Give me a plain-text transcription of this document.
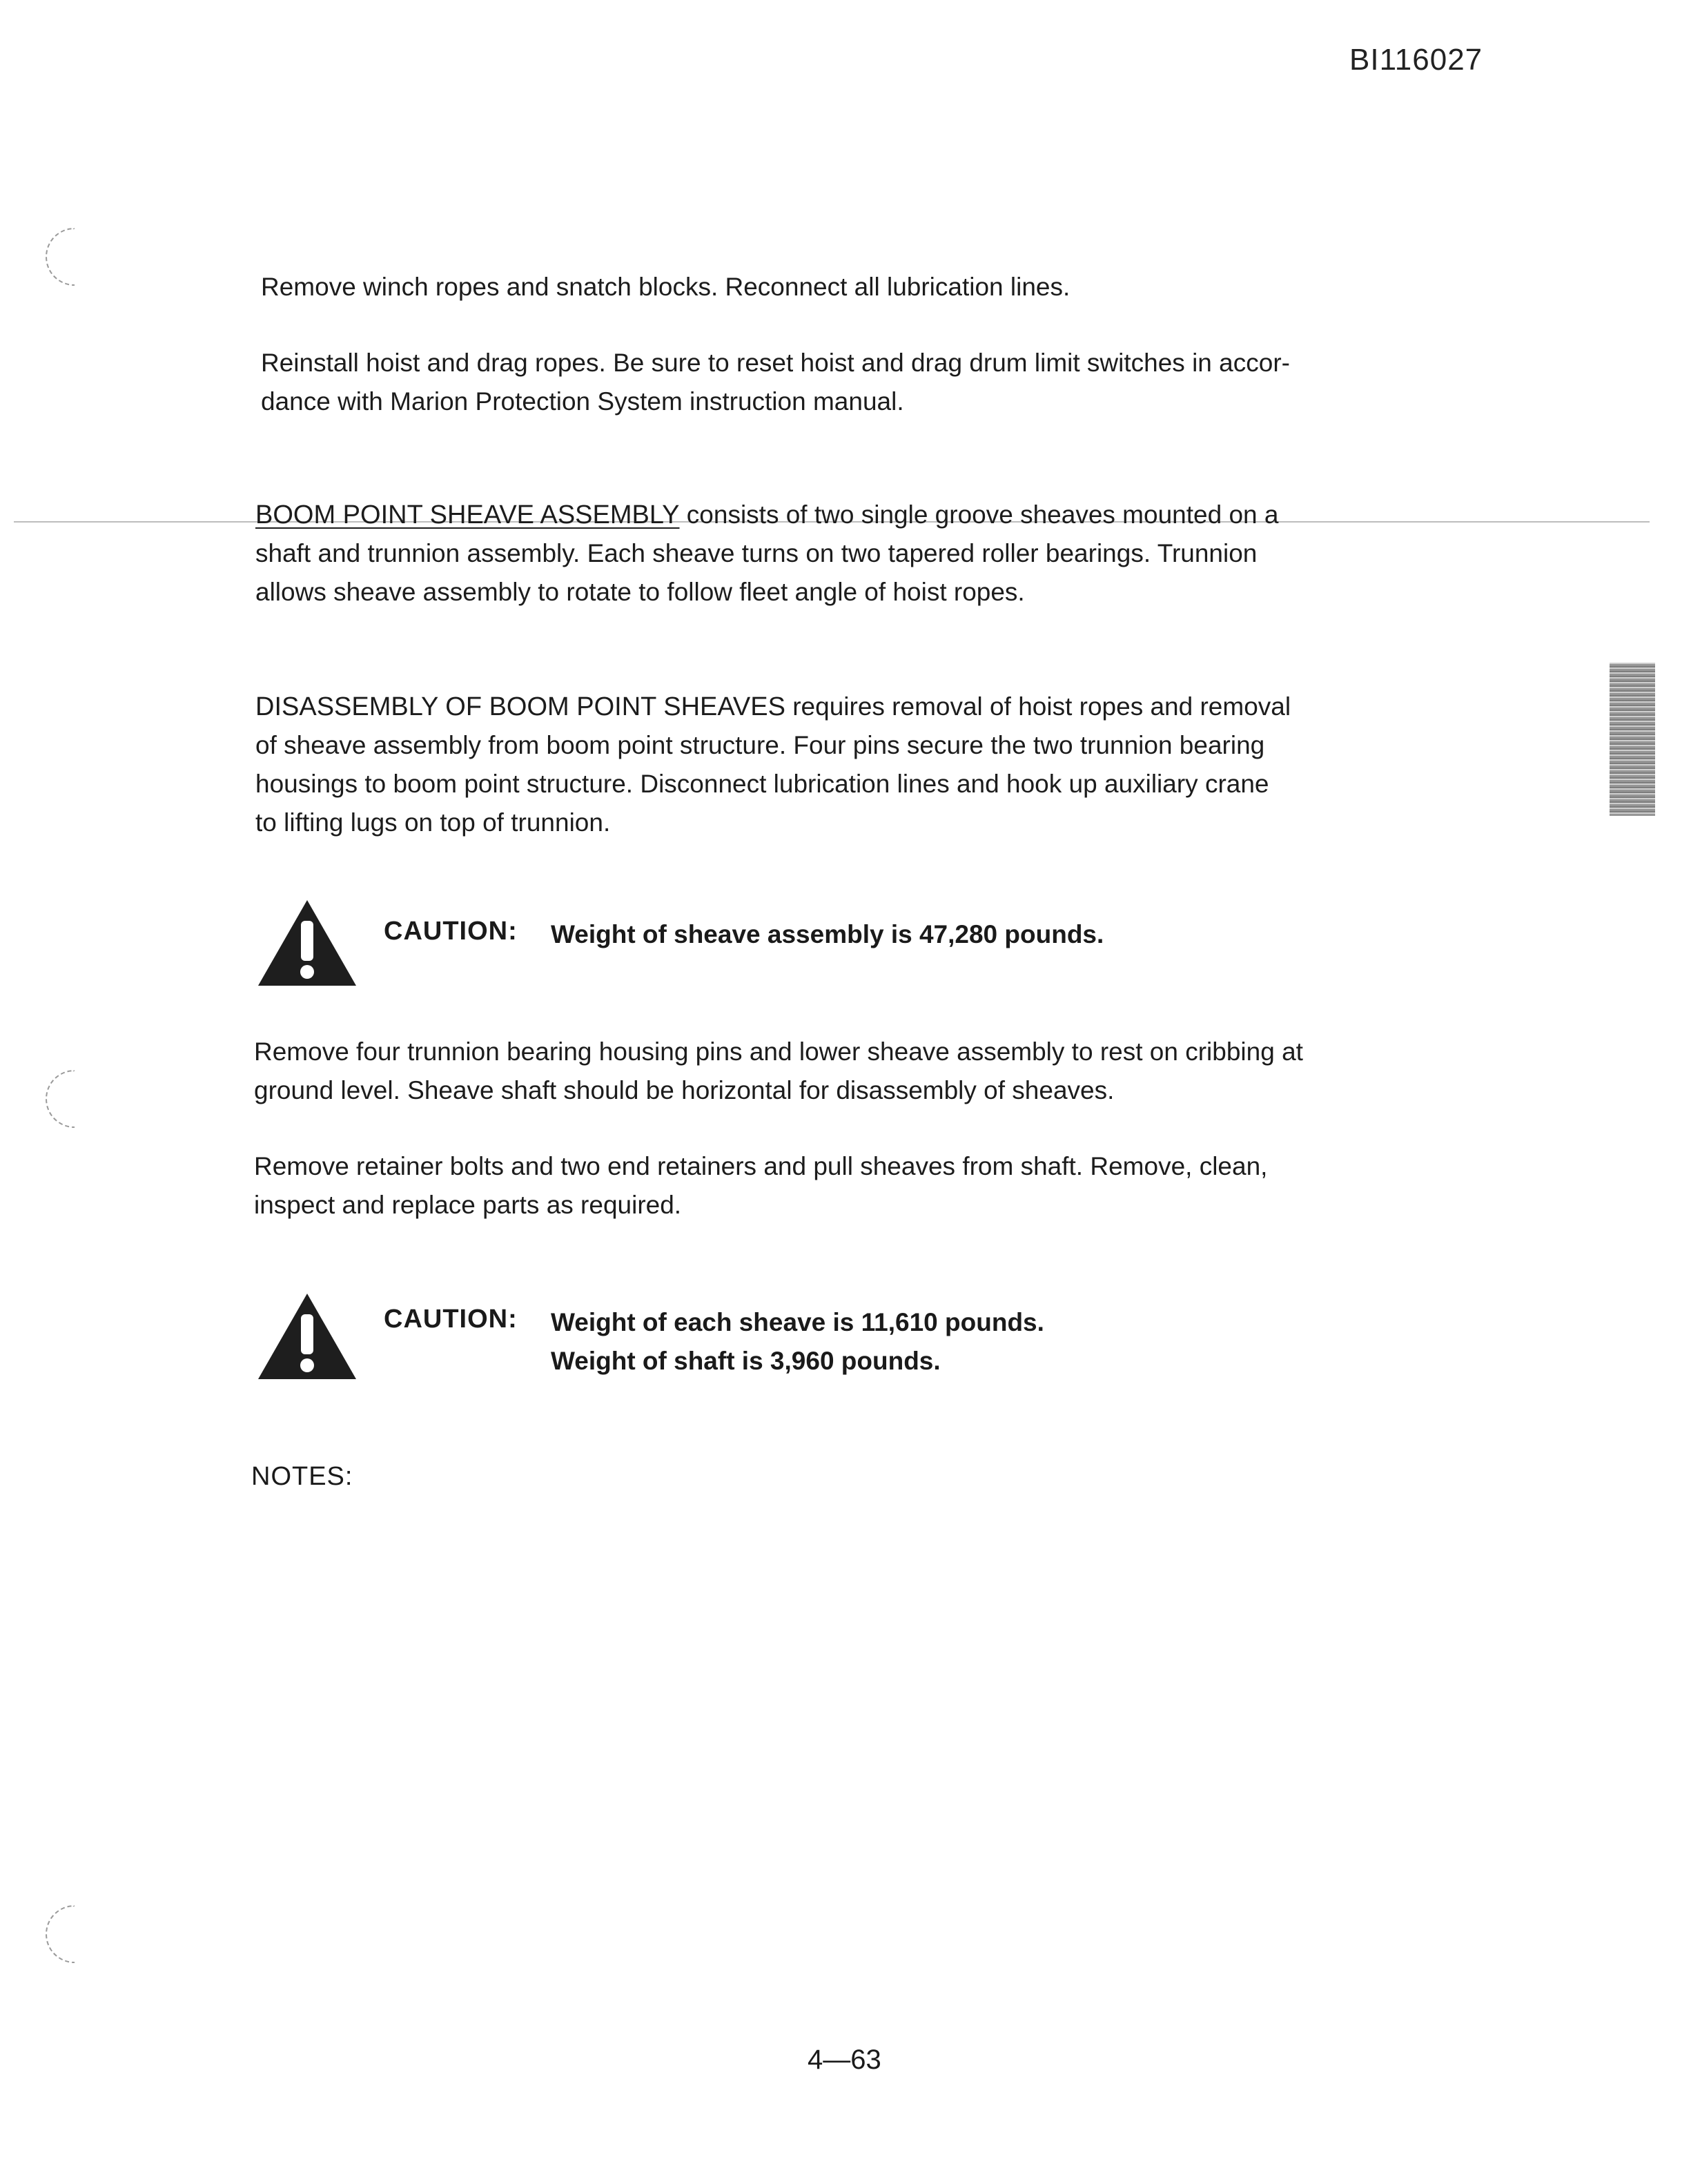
BI116027
Remove winch ropes and snatch blocks. Reconnect all lubrication lines.
Reinstall hoist and drag ropes. Be sure to reset hoist and drag drum limit switches in accor-
dance with Marion Protection System instruction manual.
BOOM POINT SHEAVE ASSEMBLY consists of two single groove sheaves mounted on a
shaft and trunnion assembly. Each sheave turns on two tapered roller bearings. Trunnion
allows sheave assembly to rotate to follow fleet angle of hoist ropes.
DISASSEMBLY OF BOOM POINT SHEAVES requires removal of hoist ropes and removal
of sheave assembly from boom point structure. Four pins secure the two trunnion bearing
housings to boom point structure. Disconnect lubrication lines and hook up auxiliary crane
to lifting lugs on top of trunnion.
CAUTION: Weight of sheave assembly is 47,280 pounds.
Remove four trunnion bearing housing pins and lower sheave assembly to rest on cribbing at
ground level. Sheave shaft should be horizontal for disassembly of sheaves.
Remove retainer bolts and two end retainers and pull sheaves from shaft. Remove, clean,
inspect and replace parts as required.
CAUTION: Weight of each sheave is 11,610 pounds.
Weight of shaft is 3,960 pounds.
NOTES:
4—63
